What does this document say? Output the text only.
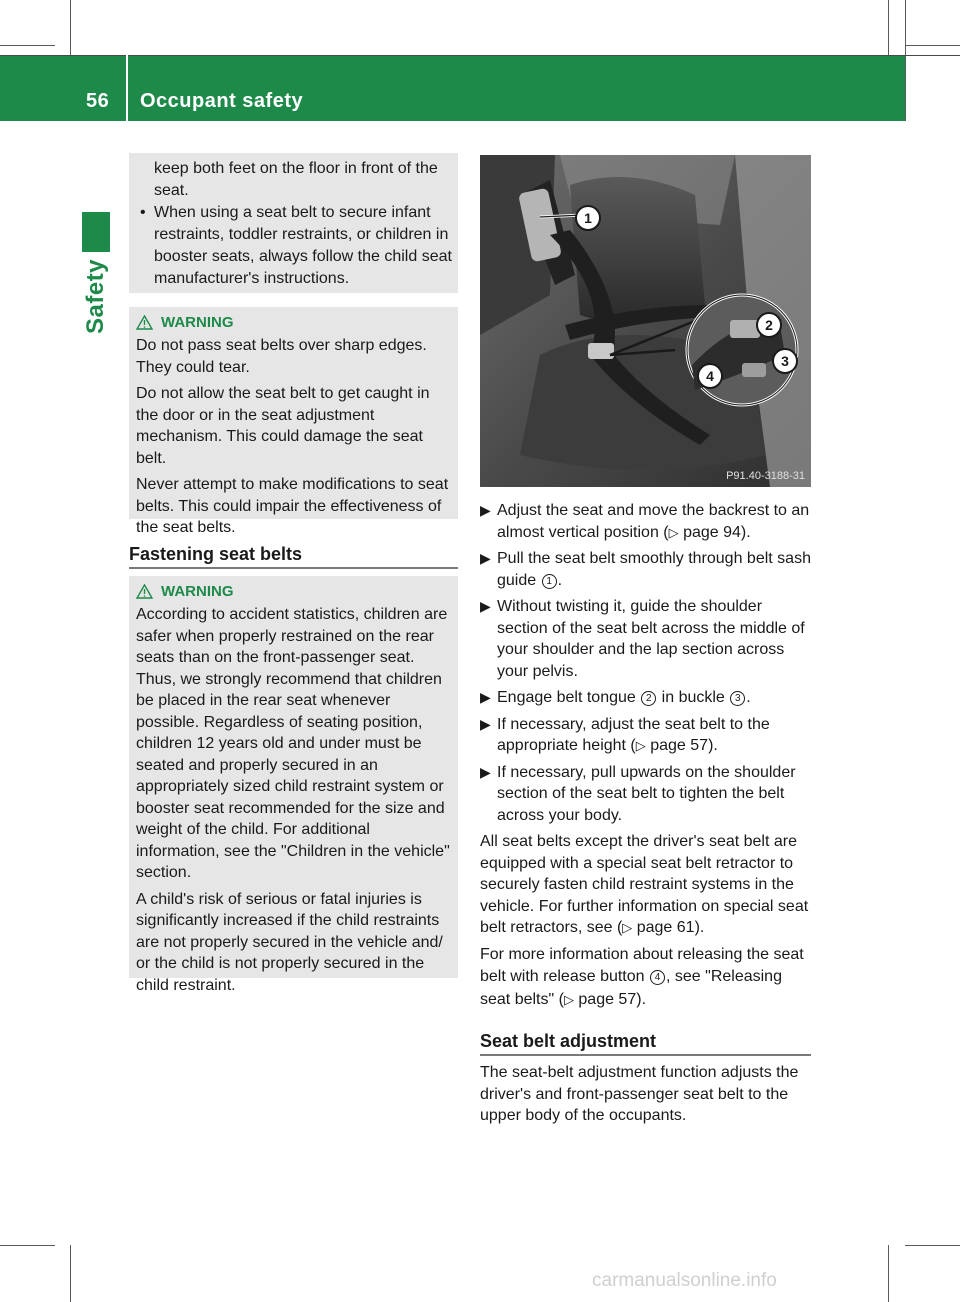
56 Occupant safety
Safety

keep both feet on the floor in front of the seat.

• When using a seat belt to secure infant restraints, toddler restraints, or children in booster seats, always follow the child seat manufacturer's instructions.
WARNING

Do not pass seat belts over sharp edges. They could tear.

Do not allow the seat belt to get caught in the door or in the seat adjustment mechanism. This could damage the seat belt.

Never attempt to make modifications to seat belts. This could impair the effectiveness of the seat belts.

Fastening seat belts
WARNING

According to accident statistics, children are safer when properly restrained on the rear seats than on the front-passenger seat. Thus, we strongly recommend that children be placed in the rear seat whenever possible. Regardless of seating position, children 12 years old and under must be seated and properly secured in an appropriately sized child restraint system or booster seat recommended for the size and weight of the child. For additional information, see the "Children in the vehicle" section.

A child's risk of serious or fatal injuries is significantly increased if the child restraints are not properly secured in the vehicle and/ or the child is not properly secured in the child restraint.

1
2
3
4
P91.40-3188-31
▶ Adjust the seat and move the backrest to an almost vertical position (▷ page 94).
▶ Pull the seat belt smoothly through belt sash guide 1 .
▶ Without twisting it, guide the shoulder section of the seat belt across the middle of your shoulder and the lap section across your pelvis.
▶ Engage belt tongue 2 in buckle 3 .
▶ If necessary, adjust the seat belt to the appropriate height (▷ page 57).
▶ If necessary, pull upwards on the shoulder section of the seat belt to tighten the belt across your body.

All seat belts except the driver's seat belt are equipped with a special seat belt retractor to securely fasten child restraint systems in the vehicle. For further information on special seat belt retractors, see (▷ page 61).

For more information about releasing the seat belt with release button 4 , see "Releasing seat belts" (▷ page 57).

Seat belt adjustment

The seat-belt adjustment function adjusts the driver's and front-passenger seat belt to the upper body of the occupants.

carmanualsonline.info
